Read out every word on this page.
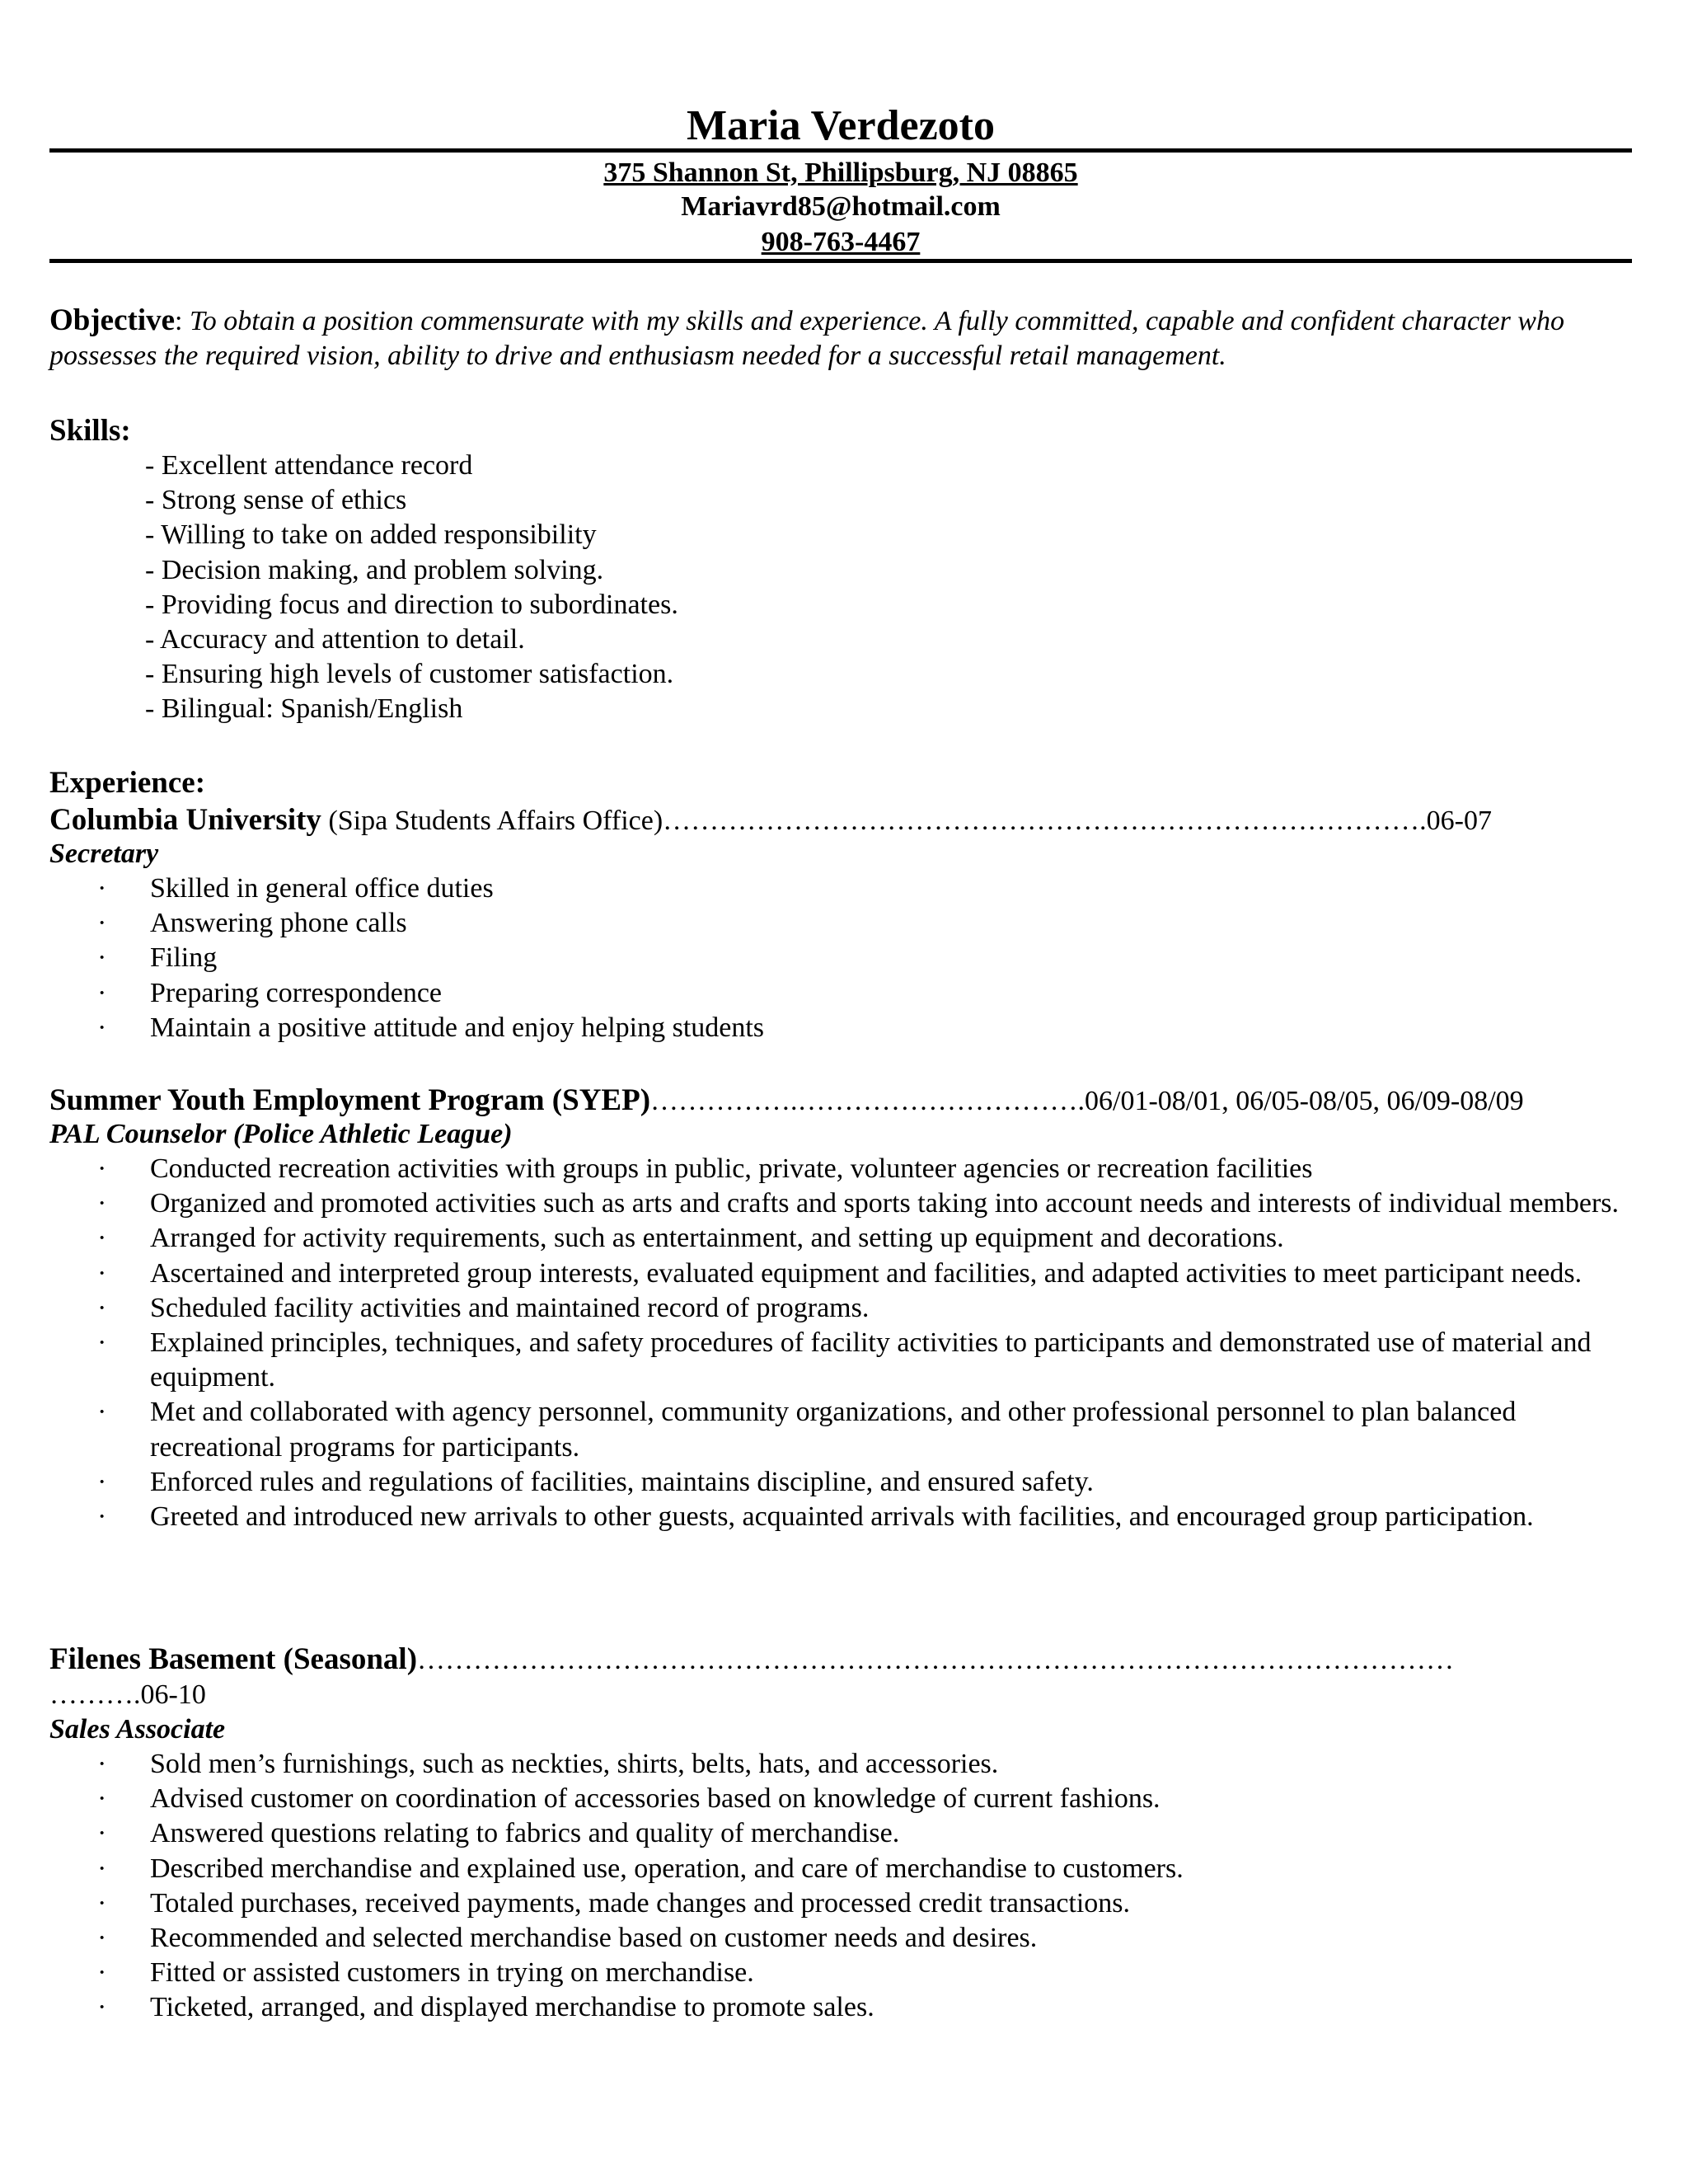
Maria Verdezoto
375 Shannon St, Phillipsburg, NJ 08865
Mariavrd85@hotmail.com
908-763-4467
Objective: To obtain a position commensurate with my skills and experience. A fully committed, capable and confident character who possesses the required vision, ability to drive and enthusiasm needed for a successful retail management.
Skills:
- Excellent attendance record
- Strong sense of ethics
- Willing to take on added responsibility
- Decision making, and problem solving.
- Providing focus and direction to subordinates.
- Accuracy and attention to detail.
- Ensuring high levels of customer satisfaction.
- Bilingual: Spanish/English
Experience:
Columbia University (Sipa Students Affairs Office)……………………………………………………………………….06-07
Secretary
· Skilled in general office duties
· Answering phone calls
· Filing
· Preparing correspondence
· Maintain a positive attitude and enjoy helping students
Summer Youth Employment Program (SYEP)…………….………………………….06/01-08/01, 06/05-08/05, 06/09-08/09
PAL Counselor (Police Athletic League)
· Conducted recreation activities with groups in public, private, volunteer agencies or recreation facilities
· Organized and promoted activities such as arts and crafts and sports taking into account needs and interests of individual members.
· Arranged for activity requirements, such as entertainment, and setting up equipment and decorations.
· Ascertained and interpreted group interests, evaluated equipment and facilities, and adapted activities to meet participant needs.
· Scheduled facility activities and maintained record of programs.
· Explained principles, techniques, and safety procedures of facility activities to participants and demonstrated use of material and equipment.
· Met and collaborated with agency personnel, community organizations, and other professional personnel to plan balanced recreational programs for participants.
· Enforced rules and regulations of facilities, maintains discipline, and ensured safety.
· Greeted and introduced new arrivals to other guests, acquainted arrivals with facilities, and encouraged group participation.
Filenes Basement (Seasonal)…………………………………………………………………………………………………
……….06-10
Sales Associate
· Sold men’s furnishings, such as neckties, shirts, belts, hats, and accessories.
· Advised customer on coordination of accessories based on knowledge of current fashions.
· Answered questions relating to fabrics and quality of merchandise.
· Described merchandise and explained use, operation, and care of merchandise to customers.
· Totaled purchases, received payments, made changes and processed credit transactions.
· Recommended and selected merchandise based on customer needs and desires.
· Fitted or assisted customers in trying on merchandise.
· Ticketed, arranged, and displayed merchandise to promote sales.
